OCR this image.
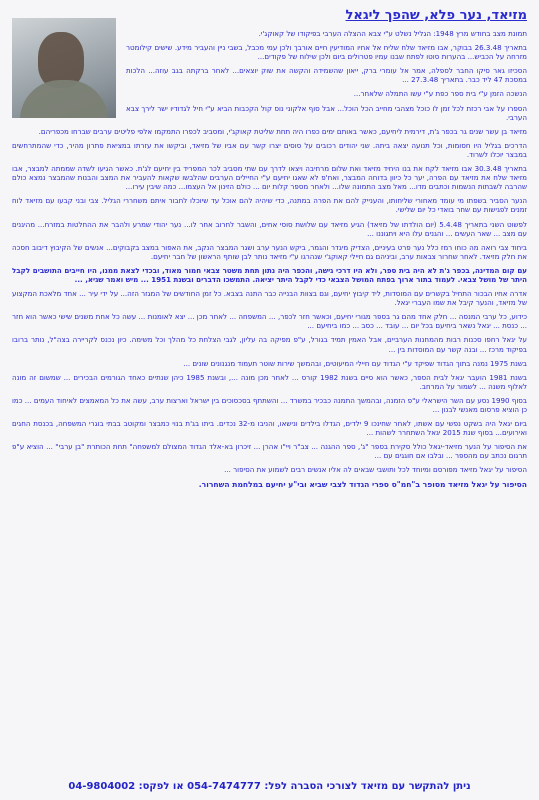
מזיאד, נער פלא, שהפך ליגאל

תמונת מצב בחודש מרץ 1948: הגליל נשלט ע"י צבא ההצלה הערבי בפיקודו של קאוקג'י.

בתאריך 26.3.48 בבוקר, אבו מזיאד שלח שליח אל אחיו המודיעין חיים אורבך ולכן עמי מכבל, בשבי ניין והעביר מידע. שישים קילומטר מזרחה על הכביש... בהערות סוטו לפתח שבנו עמיו פטרולים ביום ולכן שילוח של פקודים...

הסכיזו גאר סיקו החבר לספלה, אמר אל עומרי ברק, ייאון שהשמידה והקשה את שוק יוצאים... לאחר ברקתה בגב עוזה... הלכות במסכת 47 ליד כבר. בתאריך 27.3.48 ...

הנשכה הזמן ע"י בית ספר כפת ע"י עשו התמלה שלאחר...

הספרו על אבי רכזת לכל זמן לו כוכל מצהבי מחייב הכל הוכל... אבל סוף אלקוני נוס קול הקכבות הביא ע"י חיל לגדודיו ישר לירך צבא הערבי.

מזיאד בן עשר שנים גר בכפר ג'ת, דירמית ליחיעם, כאשר באותם ימים כפרו היה תחת שליטת קאוקג'י, ומסביב לכפרו התמקמו אלפי פליטים ערבים שברחו מכפריהם.

הדרכים בגליל היו חסומות, וכל תנועה יצאה ביתה. שני יהודים רכובים על סוסים יצרו קשר עם אביו של מזיאד, וביקשו את עזרתו במציאת פתרון מהיר, כדי שהמתרחשים במבצר יוכלו לשרוד.

בתאריך 30.3.48 אבו מזיאד לקח את בנו היחיד מזיאד ואת שלום מרחיבה ויצאו לדרך עם שתי מסביב לכר המפריד בין יחיעם לג'ת. כאשר הגיעו לשדה שממתה למבצר, אבו מזיאד שלח את מזיאד עם הפרה, יער כל כיוון בדוחה המבצר, ואח'פ לא שאגו יחיעם ע"י החיילים הערבים שהלבשו שקאות להעביר את המצב והבנות שהמבצר נמצא כולם שהרבה לשבתות הנשמות וכתבים מדו... מאל מצב התמונה שלו... ולאחר מספר קלות יום ... כולם הזינון אל העצמו... כמה שיבין עירו...

הנער הסביר בשפתו מי עומד מאחורי שליחותו, והענייק להם את הפרה במתנה, כדי שיהיה להם אוכל עד שיוכלו לחבור איתם משחררי הגליל. צבי ובני קבעו עם מזיאד לוח זמנים לפגישות עם שחר בואדי כל יום שלישי.

לפשוט השני בתאריך 5.4.48 (יום הולדתו של מזיאד) הגיע מזיאד עם שלושת סוסי אחים, והשבר לחרוב אחר לו... נער יהודי שמרע ולהבר את ההחלטות במזרח... מהיגנים עם מצב ... שאר העשים ... והגנים עלו היא ויתגוננו ...

ביחוד צבי רואה מה כוחו רמז כלל נער פרט בעיניים, הצדיק מיגדר והגמר, ביקש הנער ערב ושגר המבצר הנקב, את האפור במצב בקבוקים... אנשים של הקיבוץ דיבוב חסכה את חלק מזיאד. לאחר שחרור צבאות ערב, וביניהם גם חיילי קאוקג'י שנהרגו ע"י מזיאד נותר לבן שותף הראשון של חבר יחיעם.

עם קום המדינה, בכפר ג'ת לא היה בית ספר, ולא היו דרכי גישה, והכפר היה נתון תחת משטר צבאי חמור מאוד, ובכדי לצאת ממנו, היו חייבים התושבים לקבל היתר של מושל צבאי. לעמוד בתור ארוך בפתח המושל הצבאי כדי לקבל היתר יציאה. התמשכו הדברים ובשנת 1951 ... מיש ואמר שגיא, ...

אדרה אחיו הבכור התחיל בקשרים עם המוסדות, ליד קיבוץ יחיעם, וגם בצוות הבנייה כבר התנה בצבא. כל זמן החודשים של המגזר הזה... על ידי עיר ... אחד מלאכת המקצוע של מזיאד, והנער קיבל את שמו העברי יגאל.

כידוע, כל ערבי המנסה ... חלק אחד מהם גר בספר מגורי יחיעם, וכאשר חזר לכפר, ... המשפחה ... לאחר מכן ... יצא לאומנות ... עשה כל אחת משנים שישי כאשר הוא חזר ... כנסת ... יגאל נשאר ביחיעם בכל יום ... עובד ... כסב ... כמו ביחיעם ...

על יגאל רחפו סכנות רבות מהמחנות הערביים, אבל האמין תמיד בגורל, ע"פ מפיקה בה עליון, לגבי הצלחת כל מהלך וכל משימה. כיון נכנס לקריירה בצה"ל, נותר ברובו בפיקוד מרכז ... ובנה קשר עם המוסדות בין ...

בשנת 1975 נמנה בתוך הגדוד שפיקד ע"י הגדוד עם חיילי המיעוטים, ובהמשך שירות שוטר תעמוד מנגנונים שונים ...

בשנת 1981 הועבר יגאל לבית הספר, כאשר הוא סיים בשנת 1982 קורס ... לאחר מכן מונה ..., ובשנת 1985 כיהן שנתיים כאחד הגורמים הבכירים ... שמשום זה מונה לאלוף משנה ... לשמור על המרחב.

בסוף 1990 נסע עם השר הישראלי ע"פ הזמנה, ובהמשך התמנה כבכיר במשרד ... והשתתף בסכסוכים בין ישראל וארצות ערב, עשה את כל המאמצים לאיחוד העמים ... כמו כן הוציא פרסום מאנשי לבנון ...

ביום יגאל היה בשקט נפשי עם אשתו, לאחר שחינכו 9 ילדים, הגדלו בילדים ונישאו, והניבו מ-32 נכדים. ביתו בג'ת בנוי כמבצר ומקוטב בבתי בוגרי המשפחה, בכנסת החגים ואירועים... בסוף שנת 2015 יגאל השתחרר לשהות ...

את הסיפור על הנער מזיאד-יגאל כולל סקירת בספר "ג', ספר ההגנה ... צב"ר ויי"ו אהרן ... זיכרון בא-אלד הגדוד המצולם למשפחה" תחת הכותרת "בן ערבי" ... הוציא ע"פ תרגום נכתב עם מהספר ... ובלבו אם חוגגים עם ...

הסיפור על יגאל מזיאד מפורסם ומיוחד לכל ותושבי שבאים לה אליו אנשים רבים לשמוע את הסיפור ...

הסיפור על יגאל מזיאד מסופר ב"חמ"ס ספרי הגדוד לצבי שביא ובי"ע יחיעם במלחמת השחרור.

ניתן להתקשר עם מזיאד לצורכי הסברה לפל: 054-7474777 או לפקס: 04-9804002
